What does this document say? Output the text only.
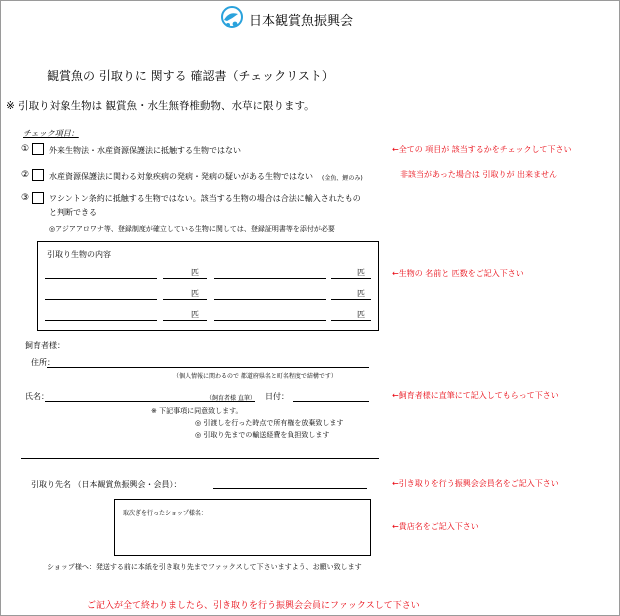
日本観賞魚振興会
観賞魚の 引取りに 関する 確認書（チェックリスト）
※ 引取り対象生物は 観賞魚・水生無脊椎動物、水草に限ります。
チェック項目：
① 外来生物法・水産資源保護法に抵触する生物ではない
② 水産資源保護法に関わる対象疾病の発病・発病の疑いがある生物ではない (金魚、鯉のみ)
③ ワシントン条約に抵触する生物ではない。該当する生物の場合は合法に輸入されたもの
と判断できる
◎アジアアロワナ等、登録制度が確立している生物に関しては、登録証明書等を添付が必要
引取り生物の内容
匹	匹
匹	匹
匹	匹
飼育者様：
住所：
（個人情報に関わるので 都道府県名と町名程度で結構です）
氏名：	（飼育者様 直筆） 日付：
※ 下記事項に同意致します。
◎ 引渡しを行った時点で所有権を放棄致します
◎ 引取り先までの輸送経費を負担致します
引取り先名 （日本観賞魚振興会・会員）：
取次ぎを行ったショップ様名：
ショップ様へ：発送する前に本紙を引き取り先までファックスして下さいますよう、お願い致します
←全ての 項目が 該当するかをチェックして下さい
非該当があった場合は 引取りが 出来ません
←生物の 名前と 匹数をご記入下さい
←飼育者様に直筆にて記入してもらって下さい
←引き取りを行う振興会会員名をご記入下さい
←貴店名をご記入下さい
ご記入が全て終わりましたら、引き取りを行う振興会会員にファックスして下さい
